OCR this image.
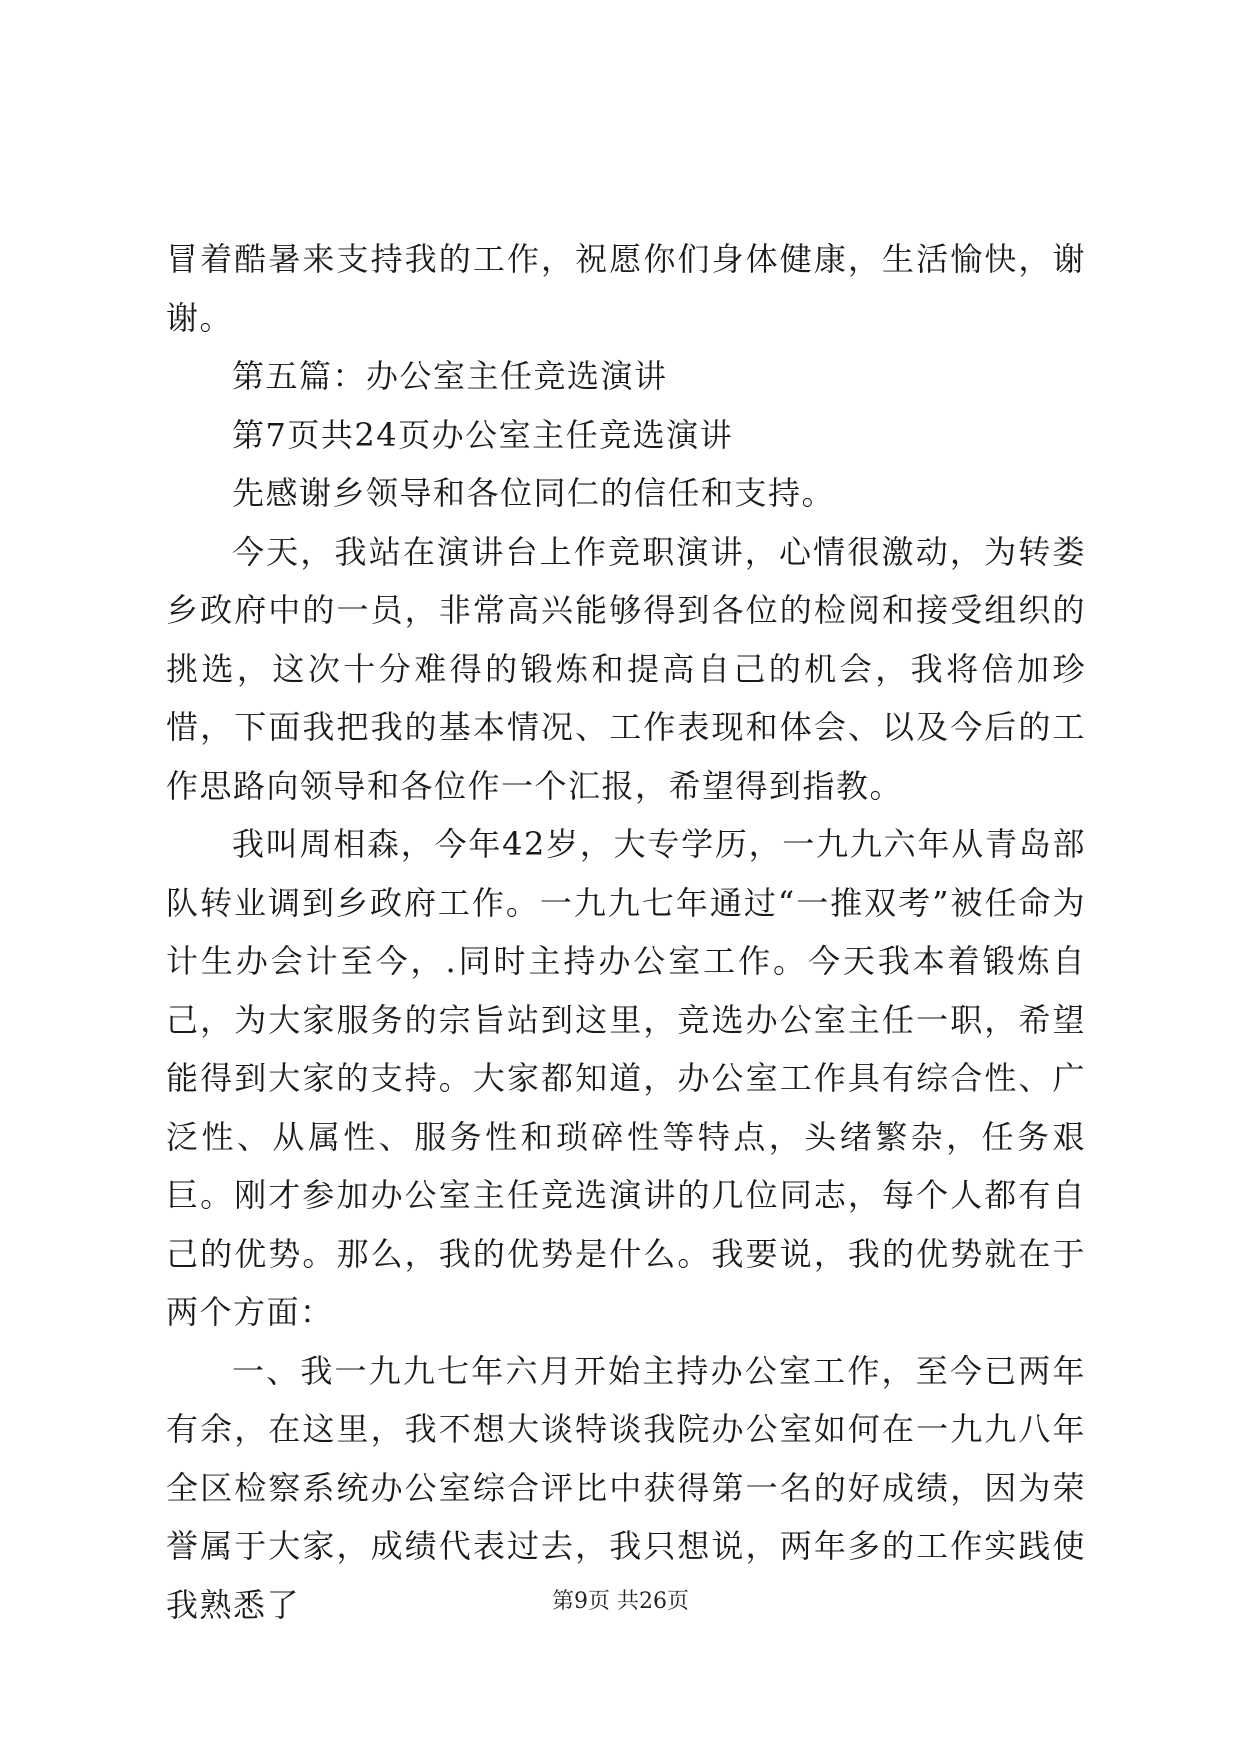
冒着酷暑来支持我的工作，祝愿你们身体健康，生活愉快，谢谢。

第五篇：办公室主任竞选演讲

第7页共24页办公室主任竞选演讲

先感谢乡领导和各位同仁的信任和支持。

今天，我站在演讲台上作竞职演讲，心情很激动，为转娄乡政府中的一员，非常高兴能够得到各位的检阅和接受组织的挑选，这次十分难得的锻炼和提高自己的机会，我将倍加珍惜，下面我把我的基本情况、工作表现和体会、以及今后的工作思路向领导和各位作一个汇报，希望得到指教。

我叫周相森，今年42岁，大专学历，一九九六年从青岛部队转业调到乡政府工作。一九九七年通过“一推双考”被任命为计生办会计至今，.同时主持办公室工作。今天我本着锻炼自己，为大家服务的宗旨站到这里，竞选办公室主任一职，希望能得到大家的支持。大家都知道，办公室工作具有综合性、广泛性、从属性、服务性和琐碎性等特点，头绪繁杂，任务艰巨。刚才参加办公室主任竞选演讲的几位同志，每个人都有自己的优势。那么，我的优势是什么。我要说，我的优势就在于两个方面：

一、我一九九七年六月开始主持办公室工作，至今已两年有余，在这里，我不想大谈特谈我院办公室如何在一九九八年全区检察系统办公室综合评比中获得第一名的好成绩，因为荣誉属于大家，成绩代表过去，我只想说，两年多的工作实践使我熟悉了	第9页 共26页
